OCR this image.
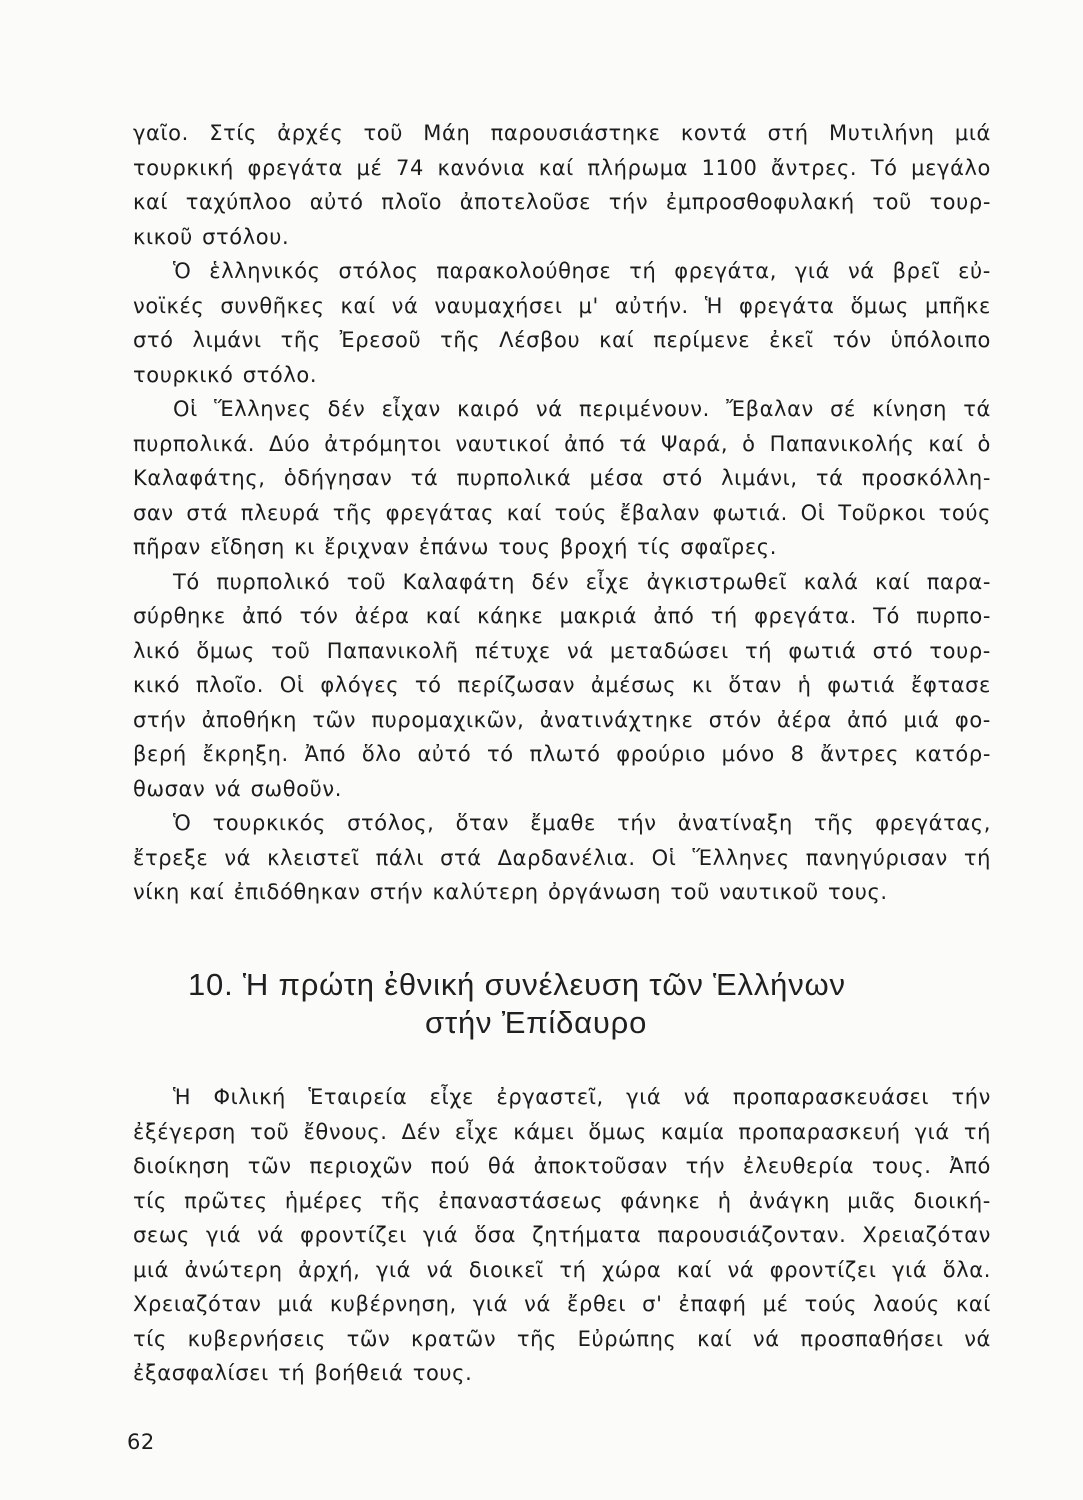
γαῖο. Στίς ἀρχές τοῦ Μάη παρουσιάστηκε κοντά στή Μυτιλήνη μιά
τουρκική φρεγάτα μέ 74 κανόνια καί πλήρωμα 1100 ἄντρες. Τό μεγάλο
καί ταχύπλοο αὐτό πλοῖο ἀποτελοῦσε τήν ἐμπροσθοφυλακή τοῦ τουρ-
κικοῦ στόλου.
Ὁ ἑλληνικός στόλος παρακολούθησε τή φρεγάτα, γιά νά βρεῖ εὐ-
νοϊκές συνθῆκες καί νά ναυμαχήσει μ' αὐτήν. Ἡ φρεγάτα ὅμως μπῆκε
στό λιμάνι τῆς Ἐρεσοῦ τῆς Λέσβου καί περίμενε ἐκεῖ τόν ὑπόλοιπο
τουρκικό στόλο.
Οἱ Ἕλληνες δέν εἶχαν καιρό νά περιμένουν. Ἔβαλαν σέ κίνηση τά
πυρπολικά. Δύο ἀτρόμητοι ναυτικοί ἀπό τά Ψαρά, ὁ Παπανικολής καί ὁ
Καλαφάτης, ὁδήγησαν τά πυρπολικά μέσα στό λιμάνι, τά προσκόλλη-
σαν στά πλευρά τῆς φρεγάτας καί τούς ἔβαλαν φωτιά. Οἱ Τοῦρκοι τούς
πῆραν εἴδηση κι ἔριχναν ἐπάνω τους βροχή τίς σφαῖρες.
Τό πυρπολικό τοῦ Καλαφάτη δέν εἶχε ἀγκιστρωθεῖ καλά καί παρα-
σύρθηκε ἀπό τόν ἀέρα καί κάηκε μακριά ἀπό τή φρεγάτα. Τό πυρπο-
λικό ὅμως τοῦ Παπανικολῆ πέτυχε νά μεταδώσει τή φωτιά στό τουρ-
κικό πλοῖο. Οἱ φλόγες τό περίζωσαν ἀμέσως κι ὅταν ἡ φωτιά ἔφτασε
στήν ἀποθήκη τῶν πυρομαχικῶν, ἀνατινάχτηκε στόν ἀέρα ἀπό μιά φο-
βερή ἔκρηξη. Ἀπό ὅλο αὐτό τό πλωτό φρούριο μόνο 8 ἄντρες κατόρ-
θωσαν νά σωθοῦν.
Ὁ τουρκικός στόλος, ὅταν ἔμαθε τήν ἀνατίναξη τῆς φρεγάτας,
ἔτρεξε νά κλειστεῖ πάλι στά Δαρδανέλια. Οἱ Ἕλληνες πανηγύρισαν τή
νίκη καί ἐπιδόθηκαν στήν καλύτερη ὀργάνωση τοῦ ναυτικοῦ τους.
10. Ἡ πρώτη ἐθνική συνέλευση τῶν Ἑλλήνων
στήν Ἐπίδαυρο
Ἡ Φιλική Ἑταιρεία εἶχε ἐργαστεῖ, γιά νά προπαρασκευάσει τήν
ἐξέγερση τοῦ ἔθνους. Δέν εἶχε κάμει ὅμως καμία προπαρασκευή γιά τή
διοίκηση τῶν περιοχῶν πού θά ἀποκτοῦσαν τήν ἐλευθερία τους. Ἀπό
τίς πρῶτες ἡμέρες τῆς ἐπαναστάσεως φάνηκε ἡ ἀνάγκη μιᾶς διοική-
σεως γιά νά φροντίζει γιά ὅσα ζητήματα παρουσιάζονταν. Χρειαζόταν
μιά ἀνώτερη ἀρχή, γιά νά διοικεῖ τή χώρα καί νά φροντίζει γιά ὅλα.
Χρειαζόταν μιά κυβέρνηση, γιά νά ἔρθει σ' ἐπαφή μέ τούς λαούς καί
τίς κυβερνήσεις τῶν κρατῶν τῆς Εὐρώπης καί νά προσπαθήσει νά
ἐξασφαλίσει τή βοήθειά τους.
62
